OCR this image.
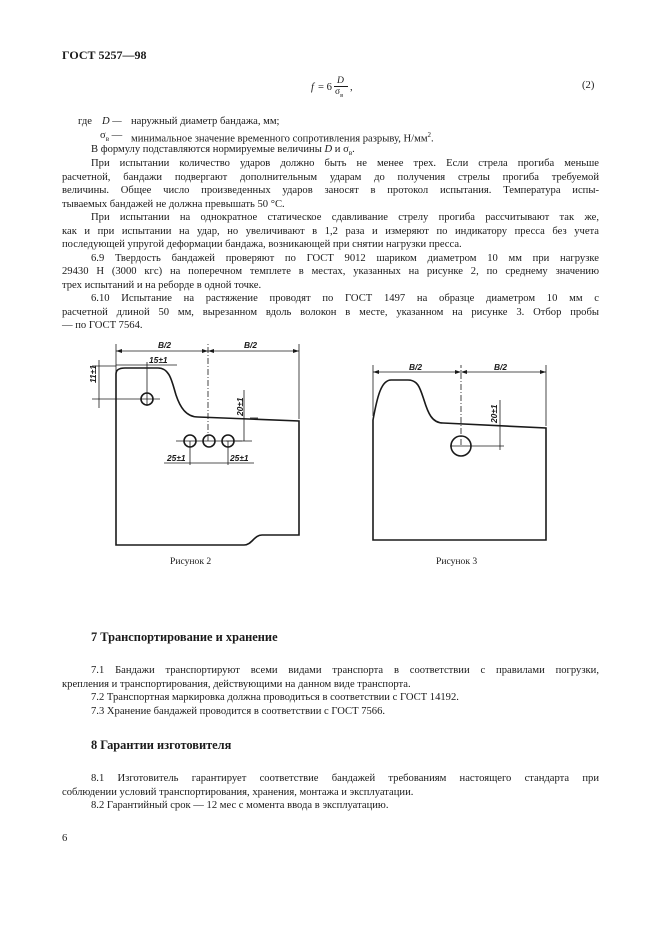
ГОСТ 5257—98
f = 6
D
$\sigma_в$
,	(2)
где D — наружный диаметр бандажа, мм;
$\sigma_в$ — минимальное значение временного сопротивления разрыву, $Н/мм^2$.
В формулу подставляются нормируемые величины D и $\sigma_в$.
При испытании количество ударов должно быть не менее трех. Если стрела прогиба меньше
расчетной, бандажи подвергают дополнительным ударам до получения стрелы прогиба требуемой
величины. Общее число произведенных ударов заносят в протокол испытания. Температура испы-
тываемых бандажей не должна превышать 50 °С.
При испытании на однократное статическое сдавливание стрелу прогиба рассчитывают так же,
как и при испытании на удар, но увеличивают в 1,2 раза и измеряют по индикатору пресса без учета
последующей упругой деформации бандажа, возникающей при снятии нагрузки пресса.
6.9 Твердость бандажей проверяют по ГОСТ 9012 шариком диаметром 10 мм при нагрузке
29430 Н (3000 кгс) на поперечном темплете в местах, указанных на рисунке 2, по среднему значению
трех испытаний и на реборде в одной точке.
6.10 Испытание на растяжение проводят по ГОСТ 1497 на образце диаметром 10 мм с
расчетной длиной 50 мм, вырезанном вдоль волокон в месте, указанном на рисунке 3. Отбор пробы
— по ГОСТ 7564.
B/2	B/2
15±1
11±1
20±1
25±1	25±1
Рисунок 2
B/2	B/2
20±1
Рисунок 3
7 Транспортирование и хранение
7.1 Бандажи транспортируют всеми видами транспорта в соответствии с правилами погрузки,
крепления и транспортирования, действующими на данном виде транспорта.
7.2 Транспортная маркировка должна проводиться в соответствии с ГОСТ 14192.
7.3 Хранение бандажей проводится в соответствии с ГОСТ 7566.
8 Гарантии изготовителя
8.1 Изготовитель гарантирует соответствие бандажей требованиям настоящего стандарта при
соблюдении условий транспортирования, хранения, монтажа и эксплуатации.
8.2 Гарантийный срок — 12 мес с момента ввода в эксплуатацию.
6
